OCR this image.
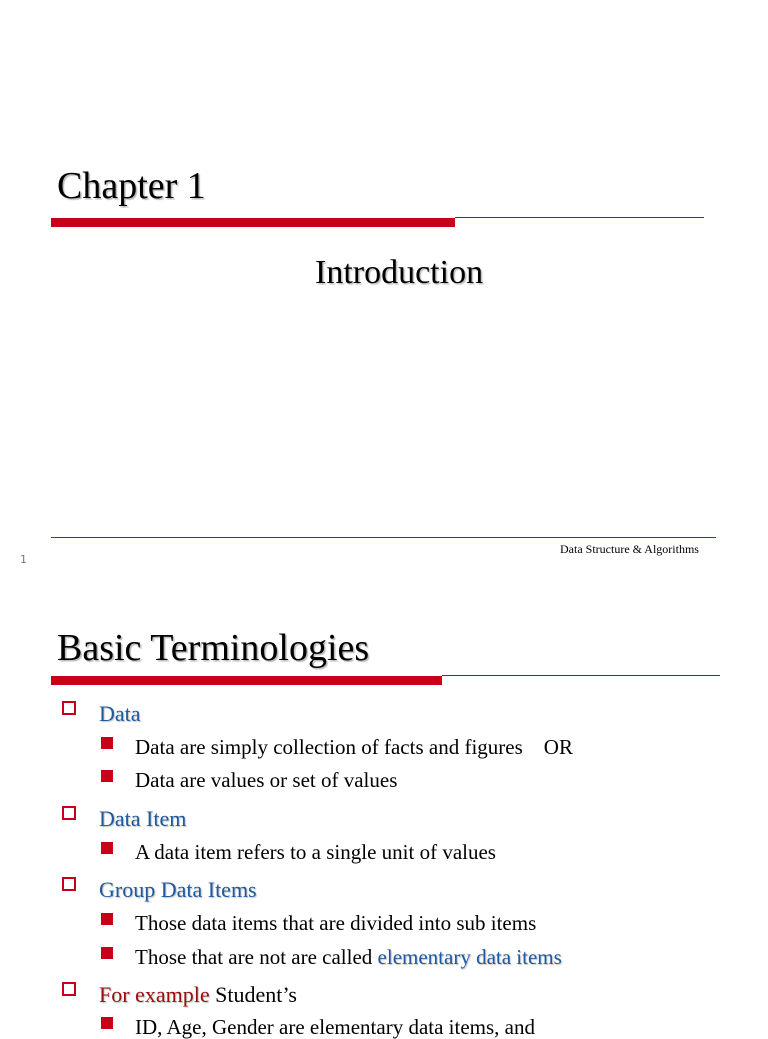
Chapter 1
Introduction
Data Structure & Algorithms
1
Basic Terminologies
Data
Data are simply collection of facts and figures    OR
Data are values or set of values
Data Item
A data item refers to a single unit of values
Group Data Items
Those data items that are divided into sub items
Those that are not are called elementary data items
For example Student’s
ID, Age, Gender are elementary data items, and
